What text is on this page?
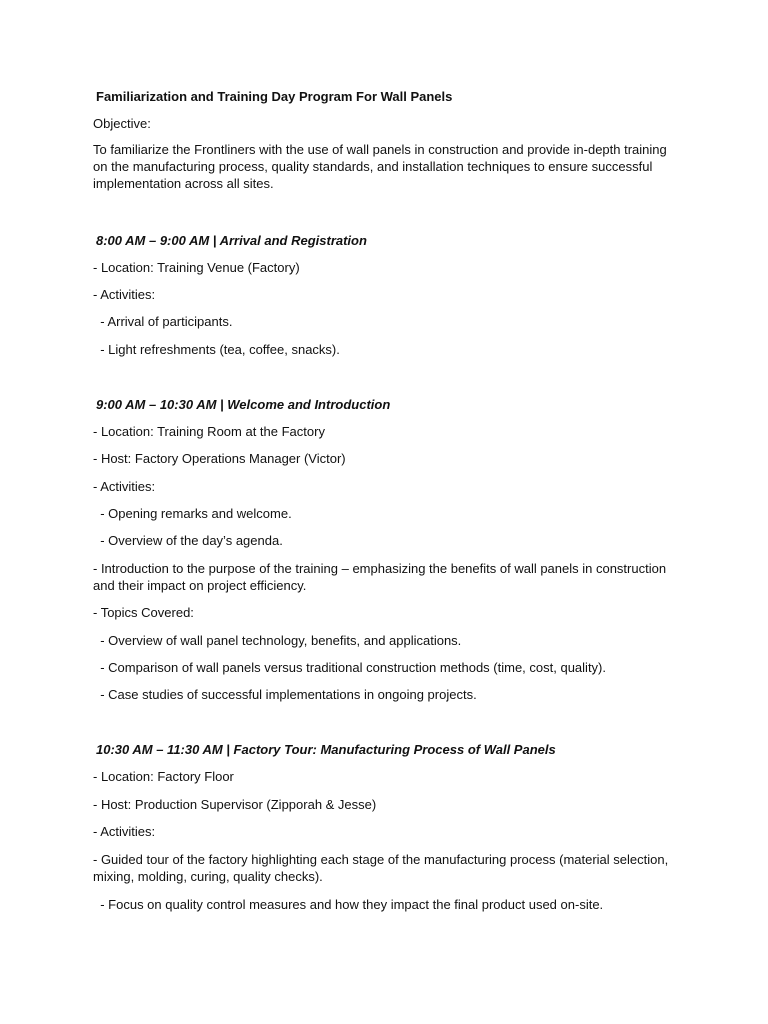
Familiarization and Training Day Program For Wall Panels
Objective:
To familiarize the Frontliners with the use of wall panels in construction and provide in-depth training on the manufacturing process, quality standards, and installation techniques to ensure successful implementation across all sites.
8:00 AM – 9:00 AM | Arrival and Registration
- Location: Training Venue (Factory)
- Activities:
- Arrival of participants.
- Light refreshments (tea, coffee, snacks).
9:00 AM – 10:30 AM | Welcome and Introduction
- Location: Training Room at the Factory
- Host: Factory Operations Manager (Victor)
- Activities:
- Opening remarks and welcome.
- Overview of the day’s agenda.
- Introduction to the purpose of the training – emphasizing the benefits of wall panels in construction and their impact on project efficiency.
- Topics Covered:
- Overview of wall panel technology, benefits, and applications.
- Comparison of wall panels versus traditional construction methods (time, cost, quality).
- Case studies of successful implementations in ongoing projects.
10:30 AM – 11:30 AM | Factory Tour: Manufacturing Process of Wall Panels
- Location: Factory Floor
- Host: Production Supervisor (Zipporah & Jesse)
- Activities:
- Guided tour of the factory highlighting each stage of the manufacturing process (material selection, mixing, molding, curing, quality checks).
- Focus on quality control measures and how they impact the final product used on-site.
